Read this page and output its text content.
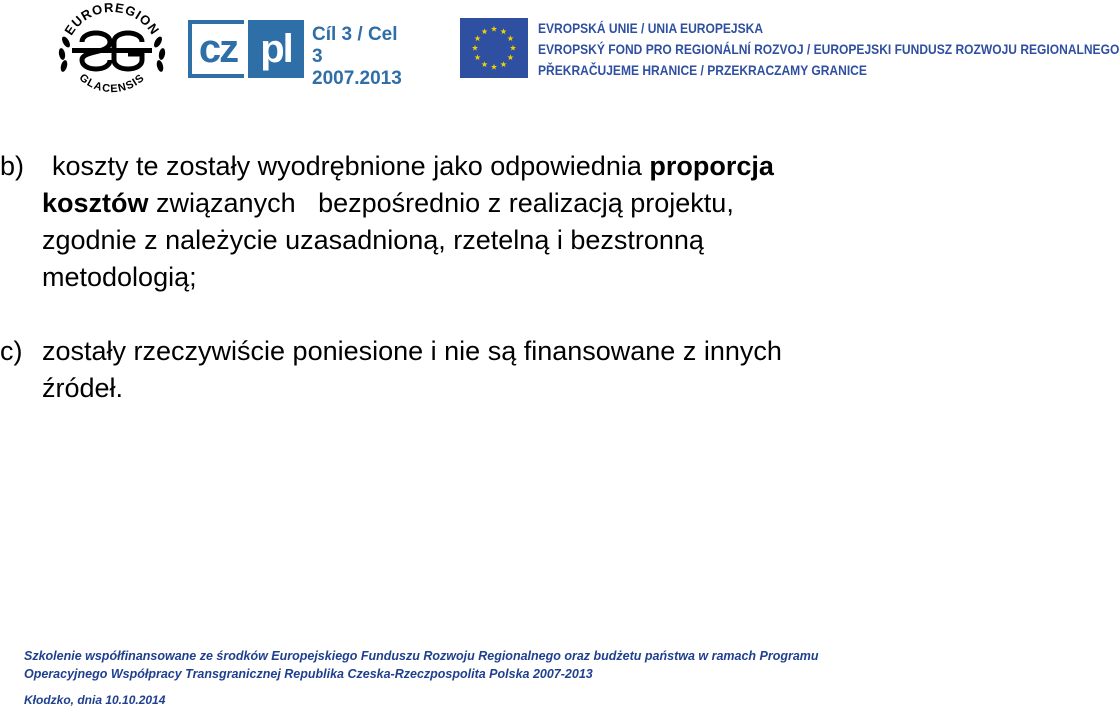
EUROREGION
GLACENSIS
cz pl	Cíl 3 / Cel 3
2007.2013
EVROPSKÁ UNIE / UNIA EUROPEJSKA
EVROPSKÝ FOND PRO REGIONÁLNÍ ROZVOJ / EUROPEJSKI FUNDUSZ ROZWOJU REGIONALNEGO
PŘEKRAČUJEME HRANICE / PRZEKRACZAMY GRANICE
b) koszty te zostały wyodrębnione jako odpowiednia proporcja
kosztów związanych   bezpośrednio z realizacją projektu,
zgodnie z należycie uzasadnioną, rzetelną i bezstronną
metodologią;
c) zostały rzeczywiście poniesione i nie są finansowane z innych
źródeł.
Szkolenie współfinansowane ze środków Europejskiego Funduszu Rozwoju Regionalnego oraz budżetu państwa w ramach Programu
Operacyjnego Współpracy Transgranicznej Republika Czeska-Rzeczpospolita Polska 2007-2013
Kłodzko, dnia 10.10.2014
